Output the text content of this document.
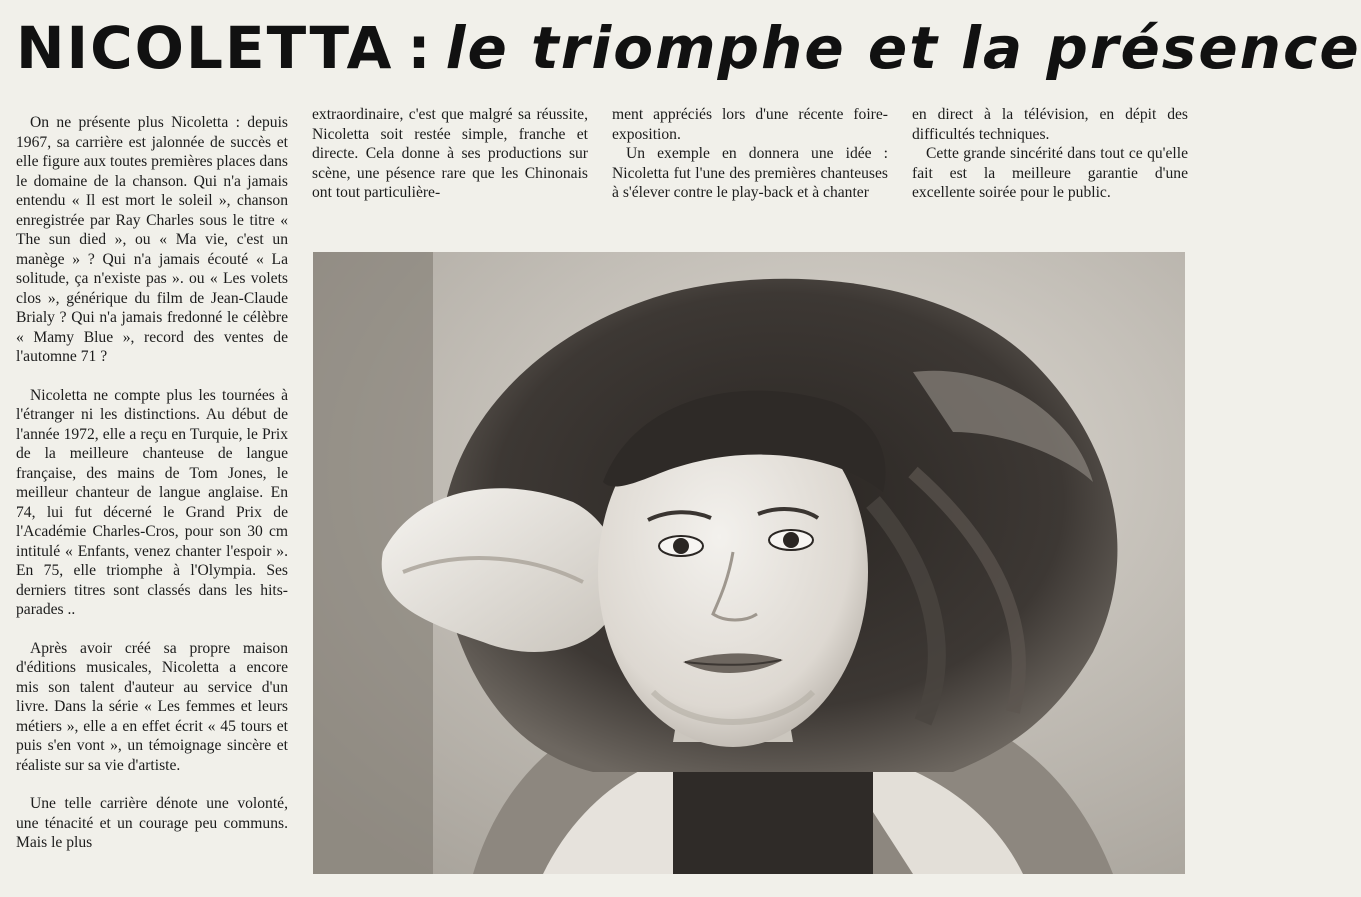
NICOLETTA : le triomphe et la présence

On ne présente plus Nicoletta : depuis 1967, sa carrière est jalonnée de succès et elle figure aux toutes premières places dans le domaine de la chanson. Qui n'a jamais entendu « Il est mort le soleil », chanson enregistrée par Ray Charles sous le titre « The sun died », ou « Ma vie, c'est un manège » ? Qui n'a jamais écouté « La solitude, ça n'existe pas ». ou « Les volets clos », générique du film de Jean-Claude Brialy ? Qui n'a jamais fredonné le célèbre « Mamy Blue », record des ventes de l'automne 71 ?

Nicoletta ne compte plus les tournées à l'étranger ni les distinctions. Au début de l'année 1972, elle a reçu en Turquie, le Prix de la meilleure chanteuse de langue française, des mains de Tom Jones, le meilleur chanteur de langue anglaise. En 74, lui fut décerné le Grand Prix de l'Académie Charles-Cros, pour son 30 cm intitulé « Enfants, venez chanter l'espoir ». En 75, elle triomphe à l'Olympia. Ses derniers titres sont classés dans les hits-parades ..

Après avoir créé sa propre maison d'éditions musicales, Nicoletta a encore mis son talent d'auteur au service d'un livre. Dans la série « Les femmes et leurs métiers », elle a en effet écrit « 45 tours et puis s'en vont », un témoignage sincère et réaliste sur sa vie d'artiste.

Une telle carrière dénote une volonté, une ténacité et un courage peu communs. Mais le plus

extraordinaire, c'est que malgré sa réussite, Nicoletta soit restée simple, franche et directe. Cela donne à ses productions sur scène, une pésence rare que les Chinonais ont tout particulière-

ment appréciés lors d'une récente foire-exposition.

Un exemple en donnera une idée : Nicoletta fut l'une des premières chanteuses à s'élever contre le play-back et à chanter

en direct à la télévision, en dépit des difficultés techniques.

Cette grande sincérité dans tout ce qu'elle fait est la meilleure garantie d'une excellente soirée pour le public.
